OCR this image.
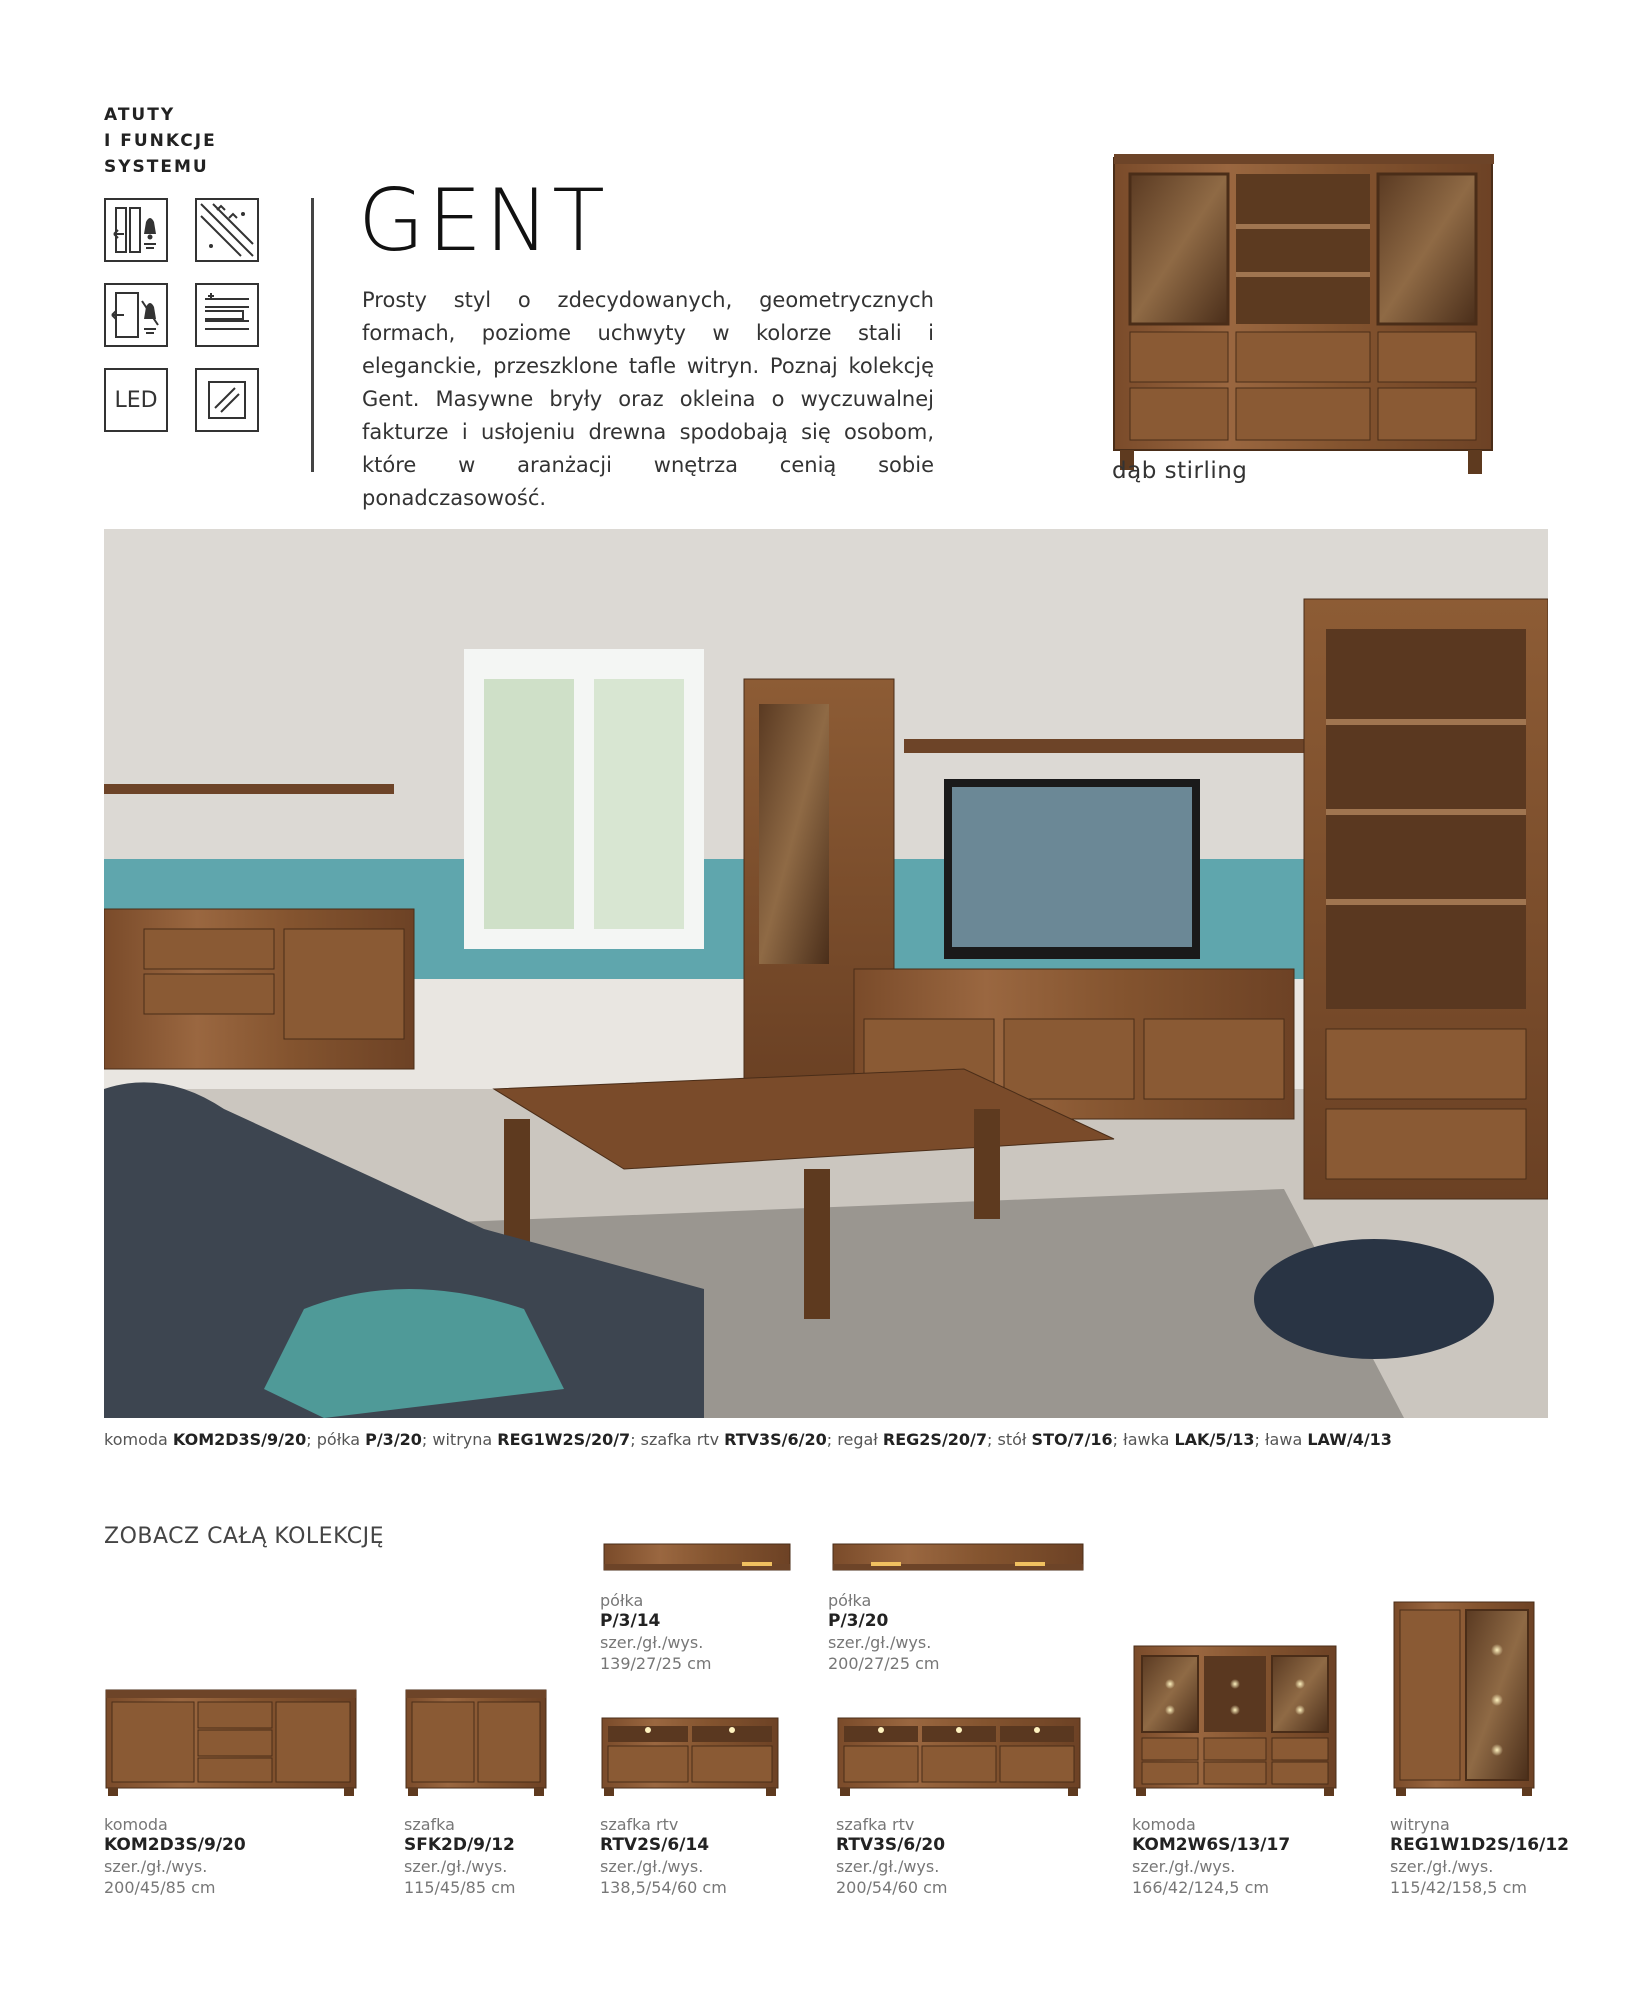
ATUTY
I FUNKCJE
SYSTEMU
LED
GENT
Prosty styl o zdecydowanych, geometrycznych formach, poziome uchwyty w kolorze stali i eleganckie, przeszklone tafle witryn. Poznaj kolekcję Gent. Masywne bryły oraz okleina o wyczuwalnej fakturze i usłojeniu drewna spodobają się osobom, które w aranżacji wnętrza cenią sobie ponadczasowość.
dąb stirling
komoda KOM2D3S/9/20; półka P/3/20; witryna REG1W2S/20/7; szafka rtv RTV3S/6/20; regał REG2S/20/7; stół STO/7/16; ławka LAK/5/13; ława LAW/4/13
ZOBACZ CAŁĄ KOLEKCJĘ
komoda
KOM2D3S/9/20
szer./gł./wys.
200/45/85 cm
szafka
SFK2D/9/12
szer./gł./wys.
115/45/85 cm
półka
P/3/14
szer./gł./wys.
139/27/25 cm
półka
P/3/20
szer./gł./wys.
200/27/25 cm
szafka rtv
RTV2S/6/14
szer./gł./wys.
138,5/54/60 cm
szafka rtv
RTV3S/6/20
szer./gł./wys.
200/54/60 cm
komoda
KOM2W6S/13/17
szer./gł./wys.
166/42/124,5 cm
witryna
REG1W1D2S/16/12
szer./gł./wys.
115/42/158,5 cm
